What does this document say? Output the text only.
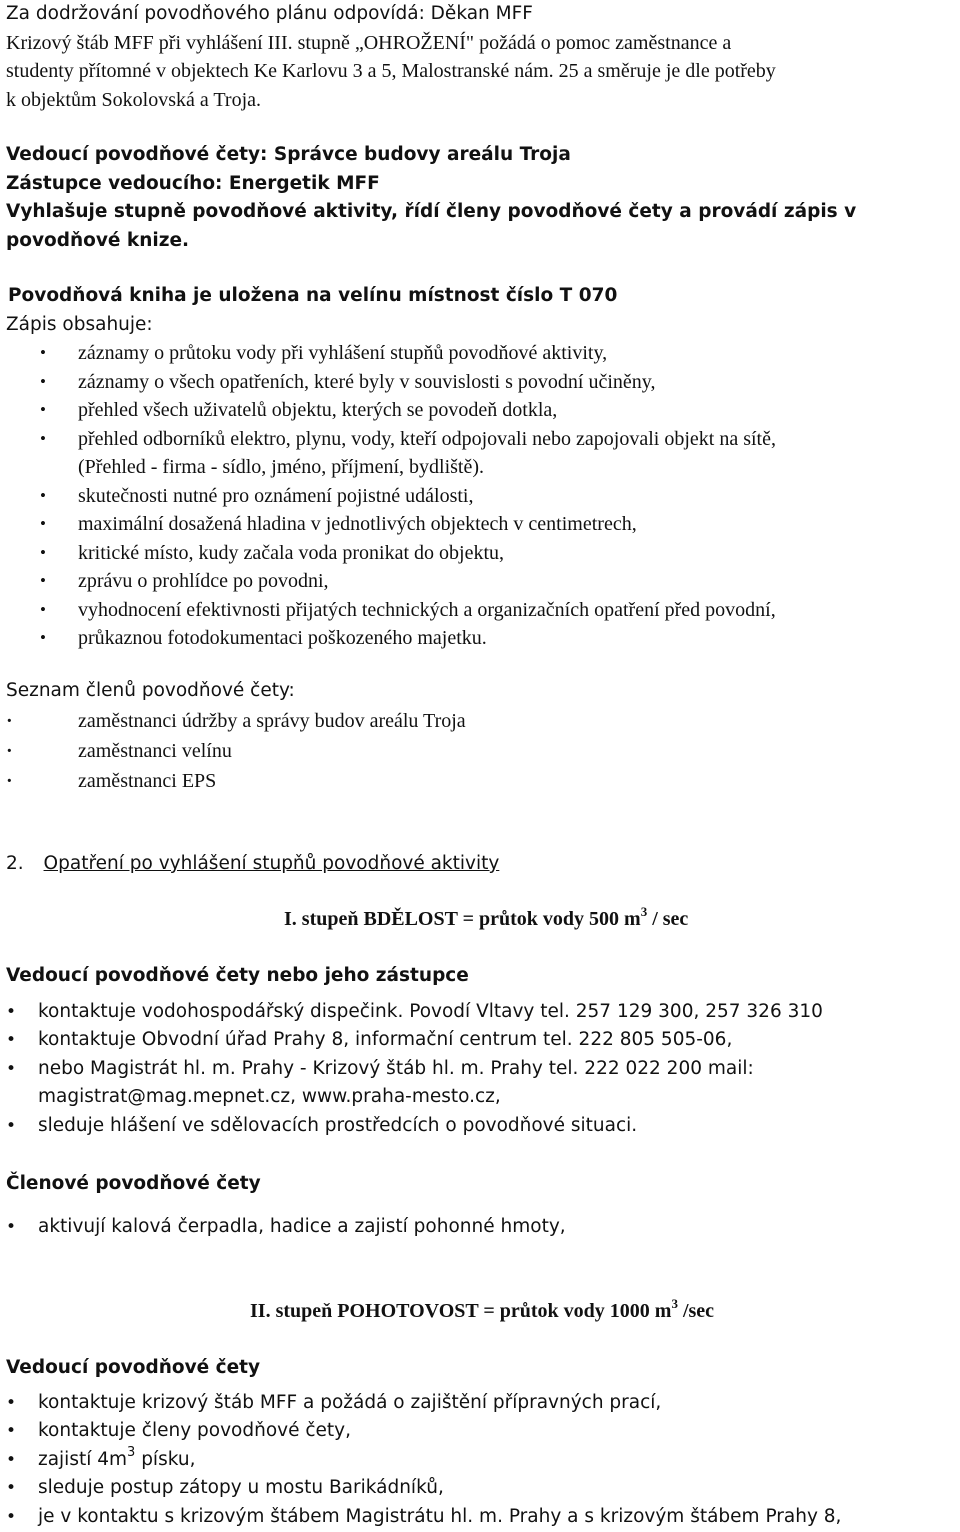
Za dodržování povodňového plánu odpovídá: Děkan MFF

Krizový štáb MFF při vyhlášení III. stupně „OHROŽENÍ" požádá o pomoc zaměstnance a

studenty přítomné v objektech Ke Karlovu 3 a 5, Malostranské nám. 25 a směruje je dle potřeby

k objektům Sokolovská a Troja.

Vedoucí povodňové čety: Správce budovy areálu Troja

Zástupce vedoucího: Energetik MFF

Vyhlašuje stupně povodňové aktivity, řídí členy povodňové čety a provádí zápis v

povodňové knize.

Povodňová kniha je uložena na velínu místnost číslo T 070

Zápis obsahuje:

• záznamy o průtoku vody při vyhlášení stupňů povodňové aktivity,
• záznamy o všech opatřeních, které byly v souvislosti s povodní učiněny,
• přehled všech uživatelů objektu, kterých se povodeň dotkla,
• přehled odborníků elektro, plynu, vody, kteří odpojovali nebo zapojovali objekt na sítě,
(Přehled - firma - sídlo, jméno, příjmení, bydliště).
• skutečnosti nutné pro oznámení pojistné události,
• maximální dosažená hladina v jednotlivých objektech v centimetrech,
• kritické místo, kudy začala voda pronikat do objektu,
• zprávu o prohlídce po povodni,
• vyhodnocení efektivnosti přijatých technických a organizačních opatření před povodní,
• průkaznou fotodokumentaci poškozeného majetku.

Seznam členů povodňové čety:

· zaměstnanci údržby a správy budov areálu Troja
· zaměstnanci velínu
· zaměstnanci EPS
2. Opatření po vyhlášení stupňů povodňové aktivity
I. stupeň BDĚLOST = průtok vody 500 $m^3$ / sec

Vedoucí povodňové čety nebo jeho zástupce

• kontaktuje vodohospodářský dispečink. Povodí Vltavy tel. 257 129 300, 257 326 310
• kontaktuje Obvodní úřad Prahy 8, informační centrum tel. 222 805 505-06,
• nebo Magistrát hl. m. Prahy - Krizový štáb hl. m. Prahy tel. 222 022 200 mail:
magistrat@mag.mepnet.cz, www.praha-mesto.cz,
• sleduje hlášení ve sdělovacích prostředcích o povodňové situaci.

Členové povodňové čety

• aktivují kalová čerpadla, hadice a zajistí pohonné hmoty,
II. stupeň POHOTOVOST = průtok vody 1000 $m^3$ /sec

Vedoucí povodňové čety

• kontaktuje krizový štáb MFF a požádá o zajištění přípravných prací,
• kontaktuje členy povodňové čety,
• zajistí $4m^3$ písku,
• sleduje postup zátopy u mostu Barikádníků,
• je v kontaktu s krizovým štábem Magistrátu hl. m. Prahy a s krizovým štábem Prahy 8,
